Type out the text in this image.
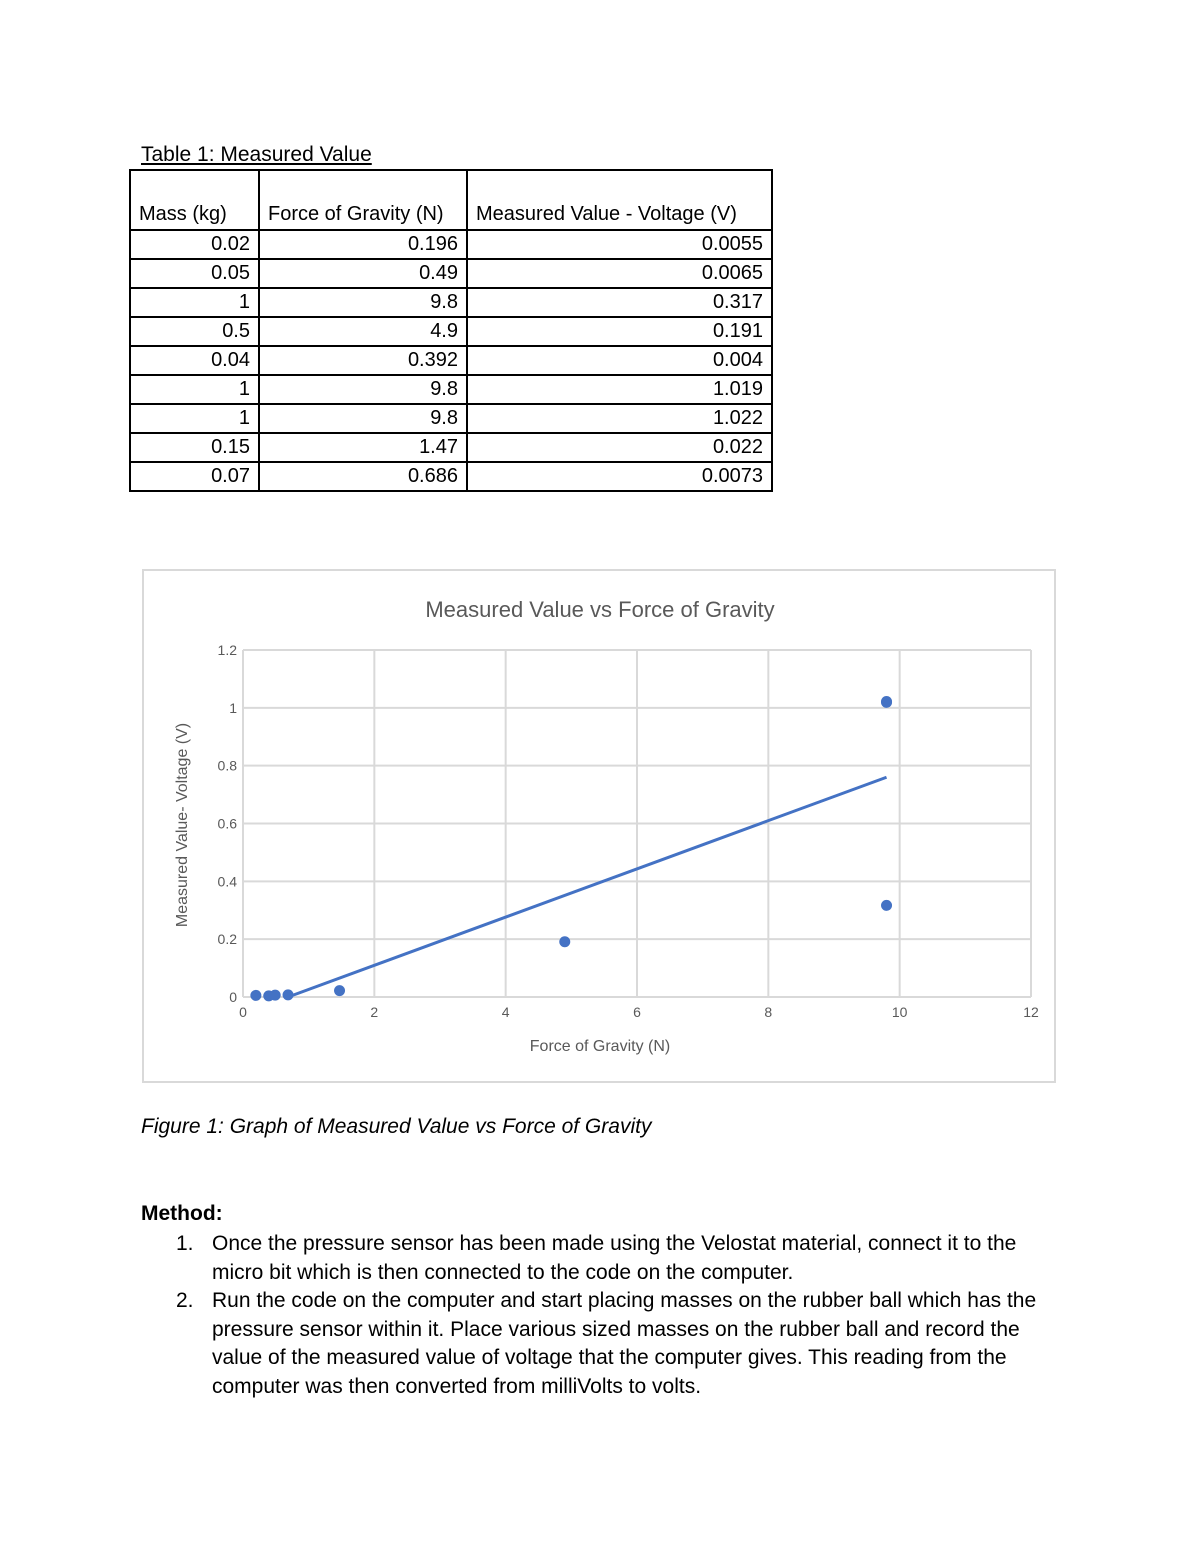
Table 1: Measured Value
Mass (kg)	Force of Gravity (N)	Measured Value - Voltage (V)
0.02	0.196	0.0055
0.05	0.49	0.0065
1	9.8	0.317
0.5	4.9	0.191
0.04	0.392	0.004
1	9.8	1.019
1	9.8	1.022
0.15	1.47	0.022
0.07	0.686	0.0073
Measured Value vs Force of Gravity
0	2	4	6	8	10	12
0
0.2
0.4
0.6
0.8
1
1.2
Force of Gravity (N)
Measured Value- Voltage (V)
Figure 1: Graph of Measured Value vs Force of Gravity
Method:
1. Once the pressure sensor has been made using the Velostat material, connect it to the micro bit which is then connected to the code on the computer.
2. Run the code on the computer and start placing masses on the rubber ball which has the pressure sensor within it. Place various sized masses on the rubber ball and record the value of the measured value of voltage that the computer gives. This reading from the computer was then converted from milliVolts to volts.
